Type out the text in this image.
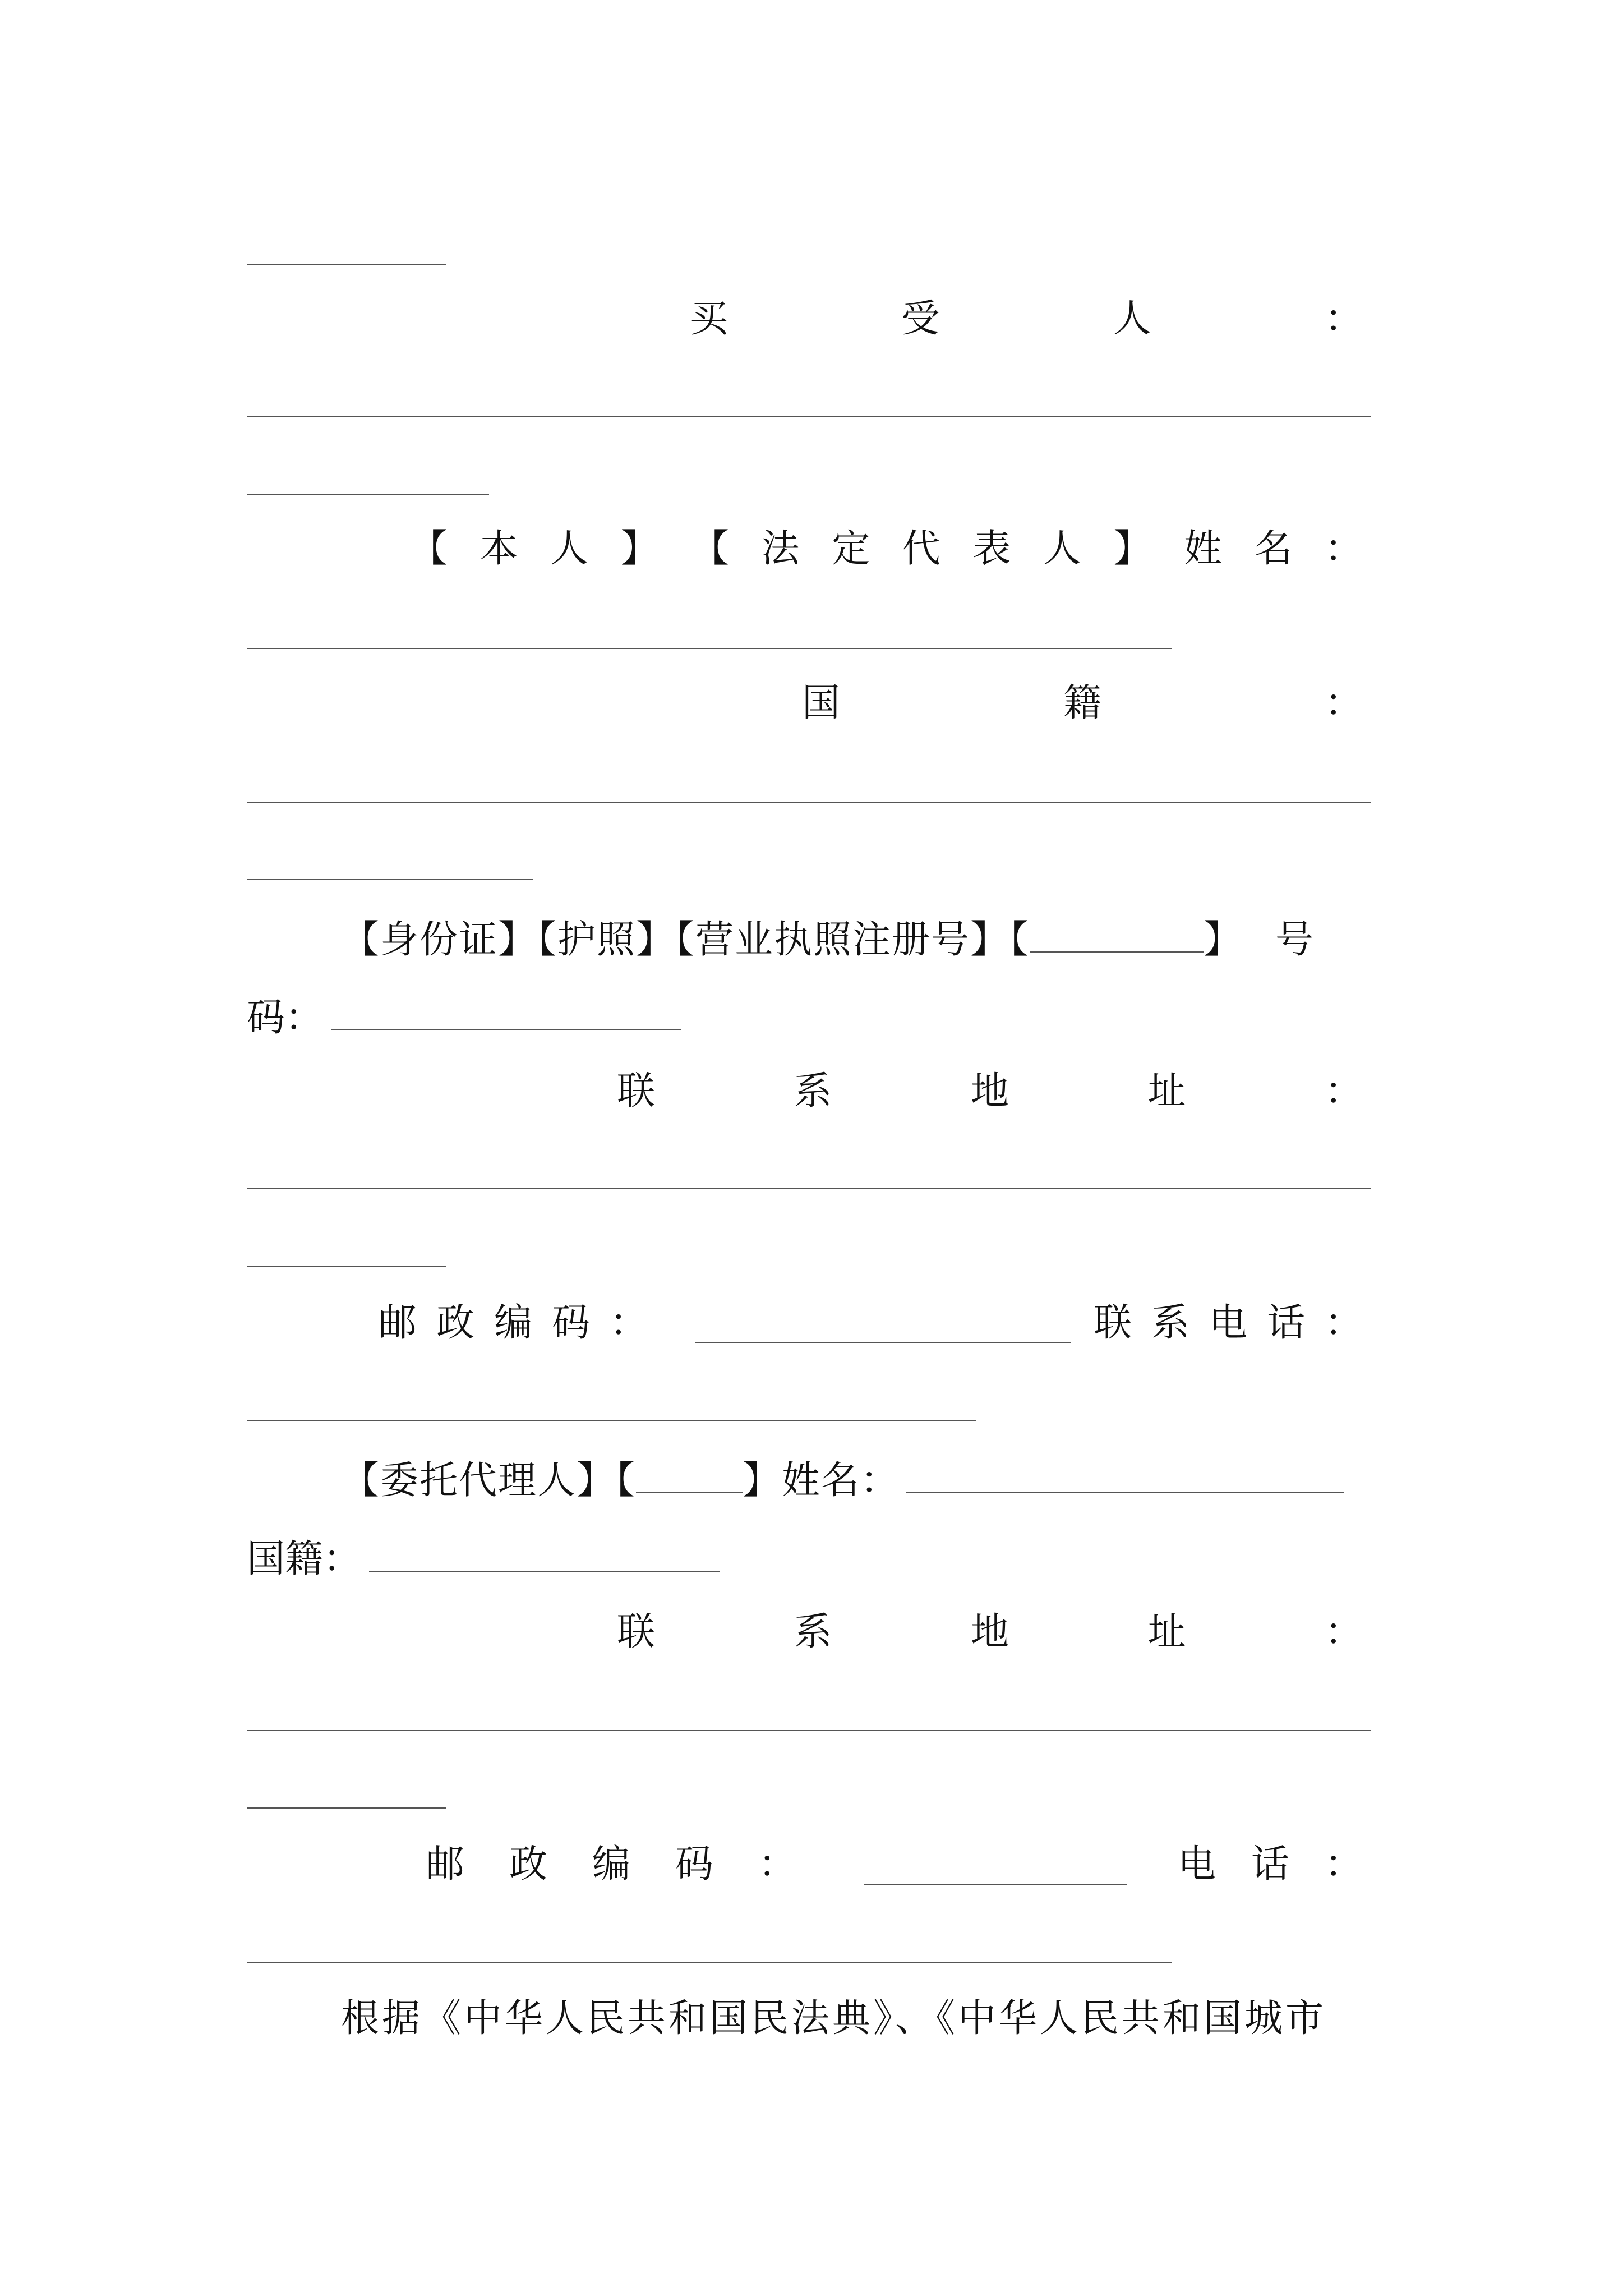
买	受	人	：
【 本 人 】 【 法 定 代 表 人 】 姓 名 ：
国	籍	：
【身份证】【护照】【营业执照注册号】【	】号
码：
联	系	地	址	：
邮 政 编 码 ：	联 系 电 话 ：
【委托代理人】【	】姓名：
国籍：
联	系	地	址	：
邮 政 编 码 ：	电 话 ：
根据《中华人民共和国民法典》、《中华人民共和国城市
